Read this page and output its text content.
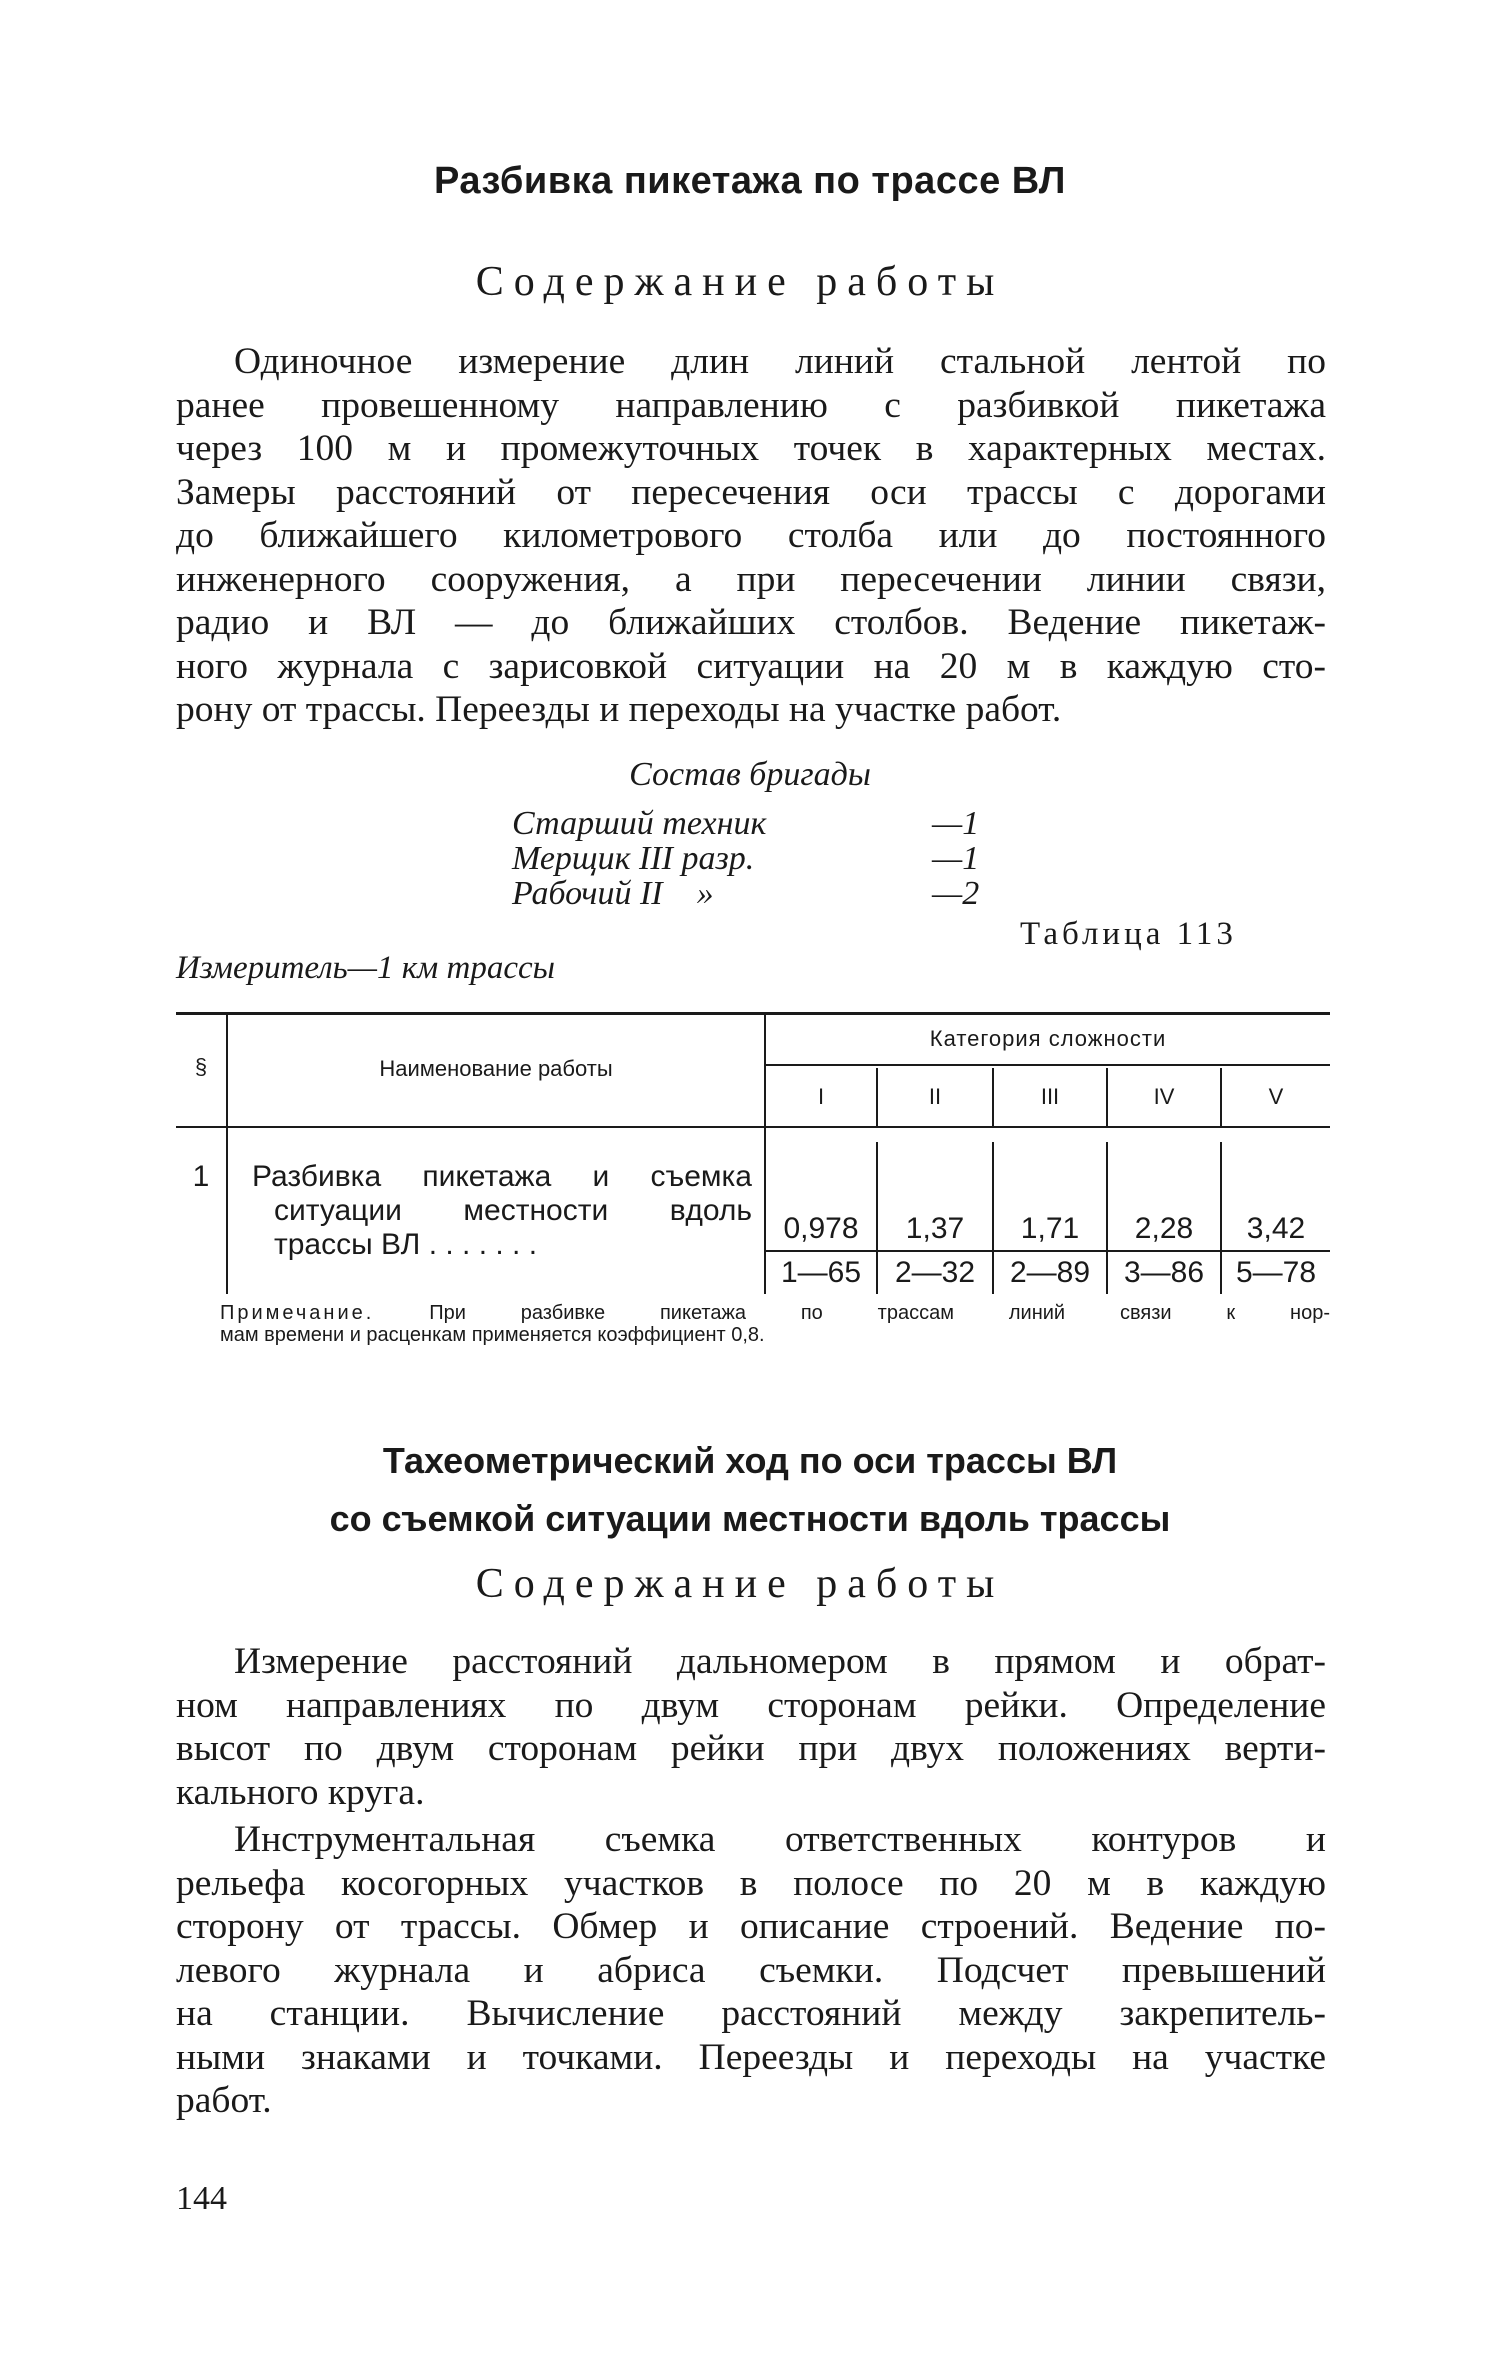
Разбивка пикетажа по трассе ВЛ
Содержание работы
Одиночное измерение длин линий стальной лентой по
ранее провешенному направлению с разбивкой пикетажа
через 100 м и промежуточных точек в характерных местах.
Замеры расстояний от пересечения оси трассы с дорогами
до ближайшего километрового столба или до постоянного
инженерного сооружения, а при пересечении линии связи,
радио и ВЛ — до ближайших столбов. Ведение пикетаж-
ного журнала с зарисовкой ситуации на 20 м в каждую сто-
рону от трассы. Переезды и переходы на участке работ.
Состав бригады
Старший техник	—1
Мерщик III разр.	—1
Рабочий II    »	—2
Таблица 113
Измеритель—1 км трассы
§	Наименование работы
Категория сложности
I	II	III	IV	V
1	Разбивка пикетажа и съемка
ситуации местности вдоль
трассы ВЛ . . . . . . .	0,978	1,37	1,71	2,28	3,42
1—65	2—32	2—89	3—86	5—78
Примечание.	При разбивке пикетажа по трассам линий связи к нор-
мам времени и расценкам применяется коэффициент 0,8.
Тахеометрический ход по оси трассы ВЛ
со съемкой ситуации местности вдоль трассы
Содержание работы
Измерение расстояний дальномером в прямом и обрат-
ном направлениях по двум сторонам рейки. Определение
высот по двум сторонам рейки при двух положениях верти-
кального круга.
Инструментальная съемка ответственных контуров и
рельефа косогорных участков в полосе по 20 м в каждую
сторону от трассы. Обмер и описание строений. Ведение по-
левого журнала и абриса съемки. Подсчет превышений
на станции. Вычисление расстояний между закрепитель-
ными знаками и точками. Переезды и переходы на участке
работ.
144
